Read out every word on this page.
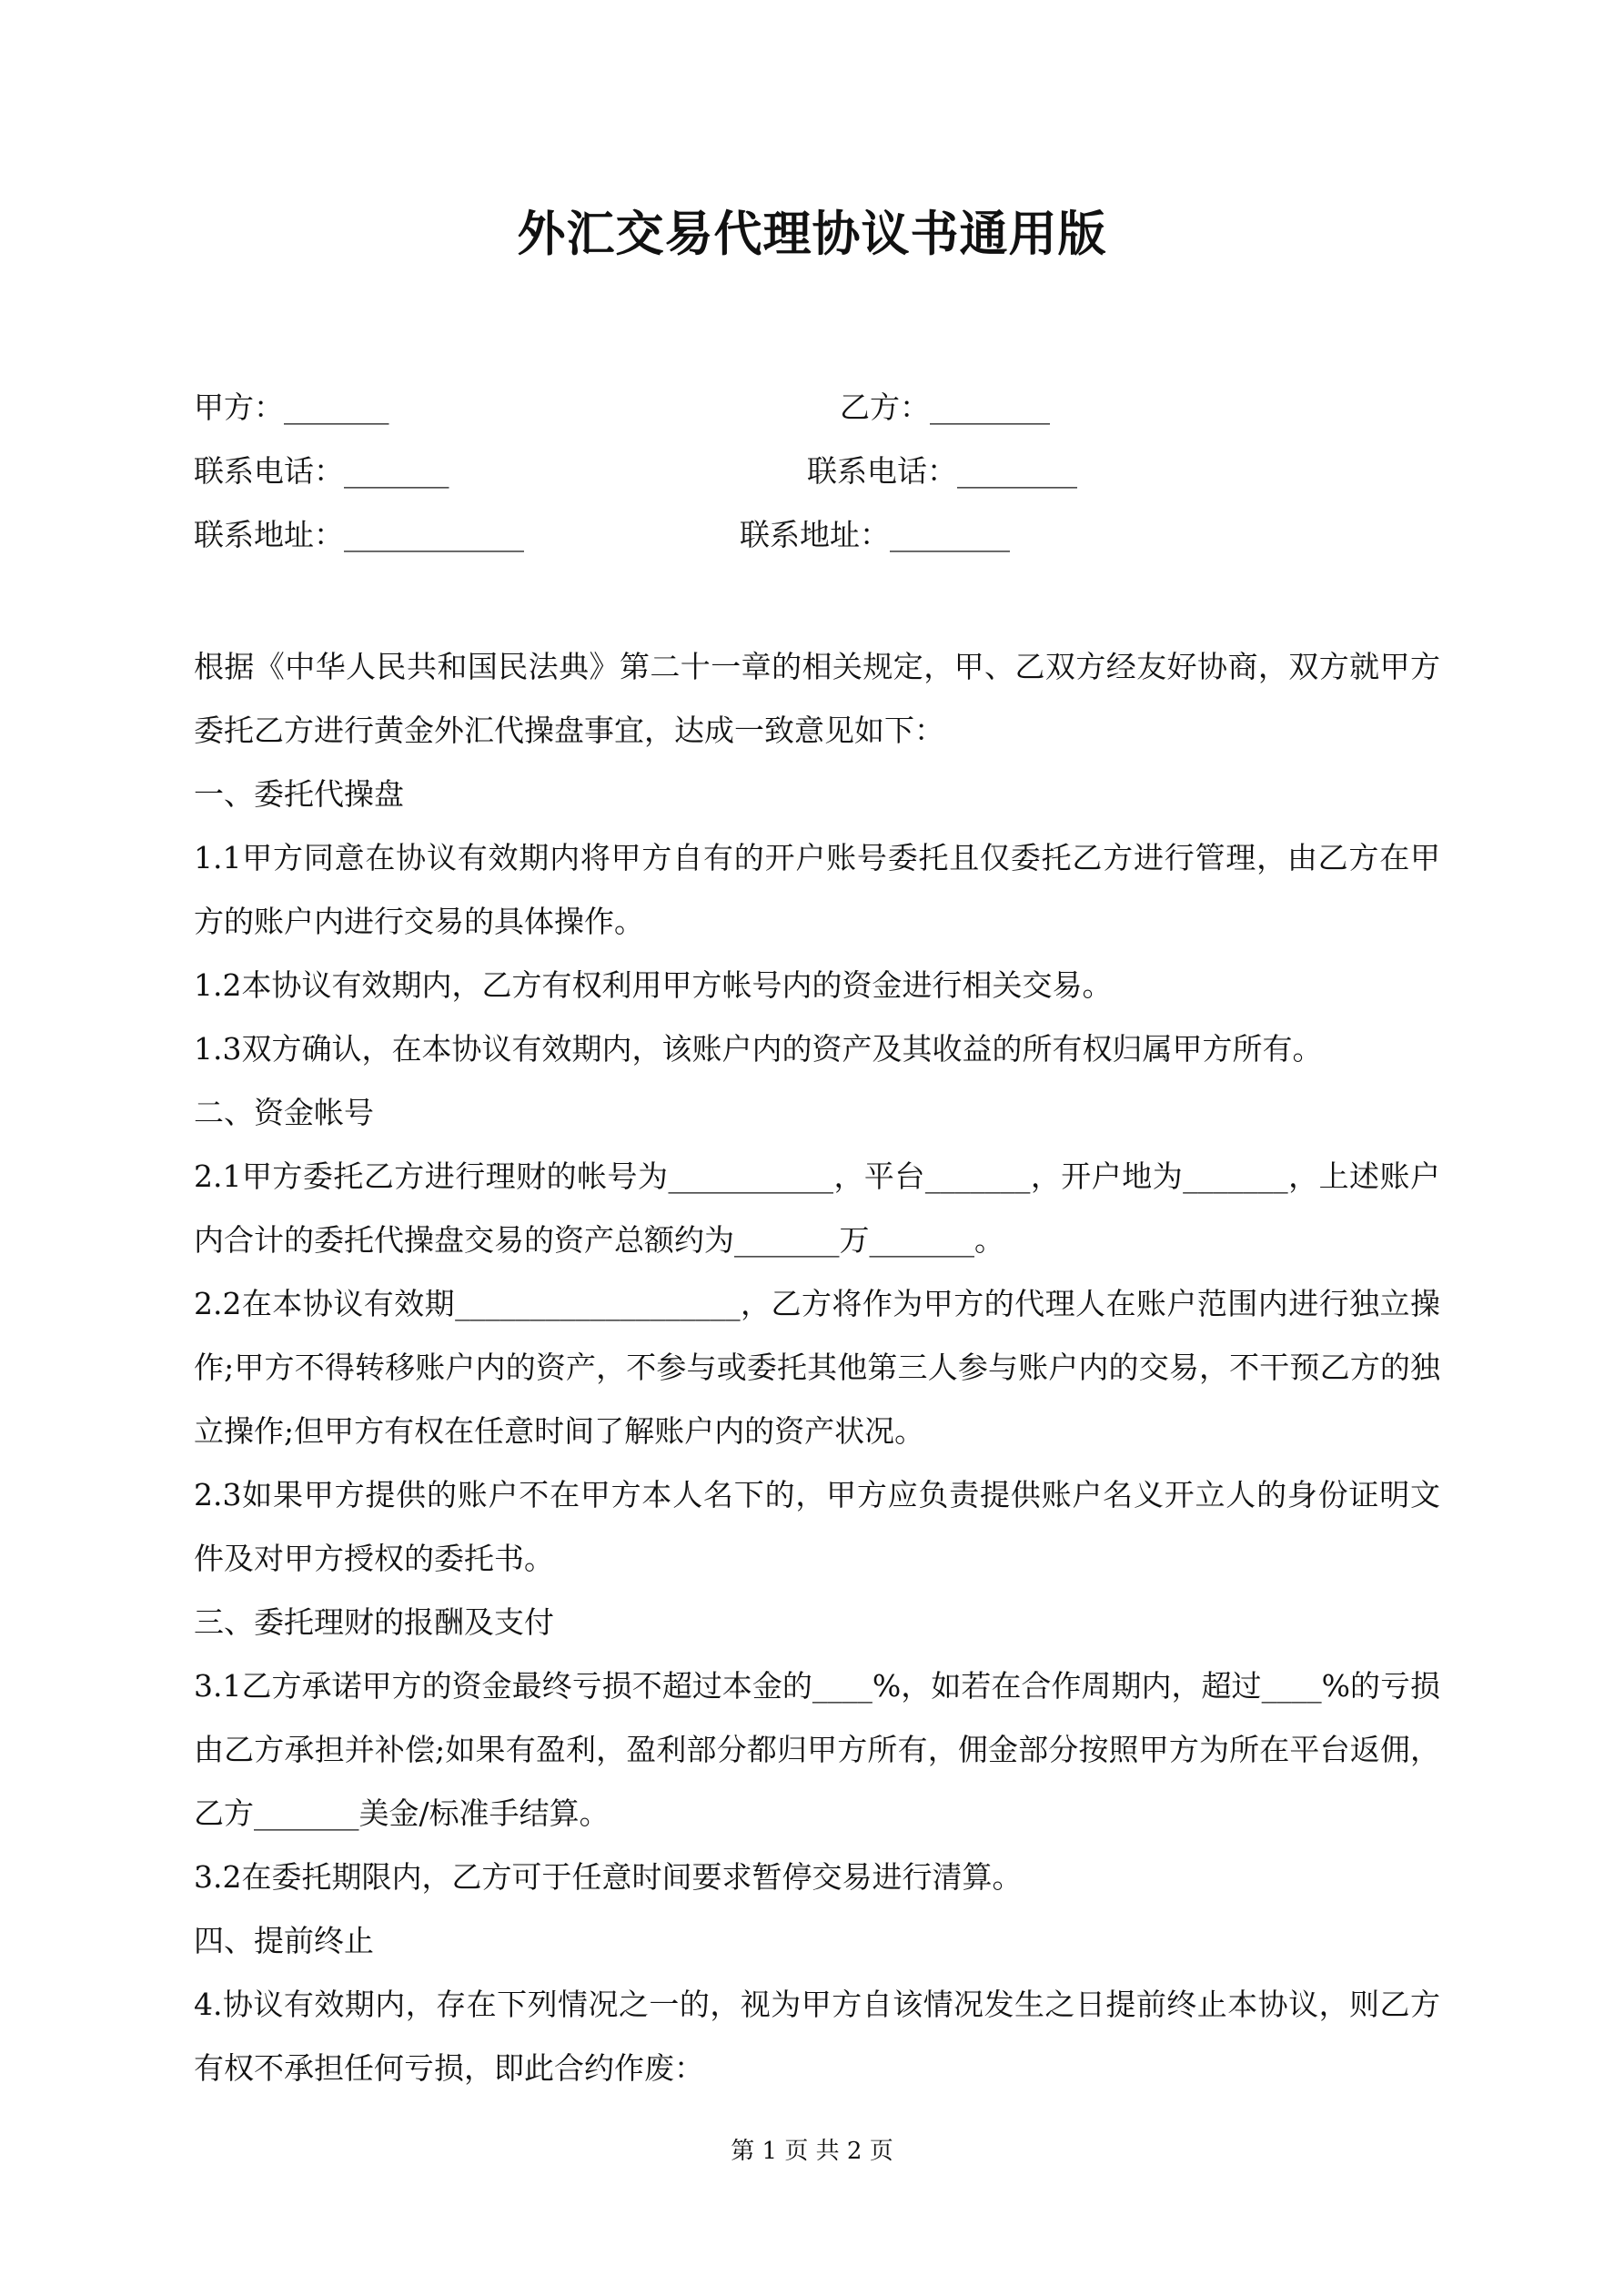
外汇交易代理协议书通用版
甲方：_______	乙方：________
联系电话：_______	联系电话：________
联系地址：____________	联系地址：________

根据《中华人民共和国民法典》第二十一章的相关规定，甲、乙双方经友好协商，双方就甲方委托乙方进行黄金外汇代操盘事宜，达成一致意见如下：

一、委托代操盘

1.1甲方同意在协议有效期内将甲方自有的开户账号委托且仅委托乙方进行管理，由乙方在甲方的账户内进行交易的具体操作。

1.2本协议有效期内，乙方有权利用甲方帐号内的资金进行相关交易。

1.3双方确认，在本协议有效期内，该账户内的资产及其收益的所有权归属甲方所有。

二、资金帐号

2.1甲方委托乙方进行理财的帐号为___________，平台_______，开户地为_______，上述账户内合计的委托代操盘交易的资产总额约为_______万_______。

2.2在本协议有效期___________________，乙方将作为甲方的代理人在账户范围内进行独立操作;甲方不得转移账户内的资产，不参与或委托其他第三人参与账户内的交易，不干预乙方的独立操作;但甲方有权在任意时间了解账户内的资产状况。

2.3如果甲方提供的账户不在甲方本人名下的，甲方应负责提供账户名义开立人的身份证明文件及对甲方授权的委托书。

三、委托理财的报酬及支付

3.1乙方承诺甲方的资金最终亏损不超过本金的____%，如若在合作周期内，超过____%的亏损由乙方承担并补偿;如果有盈利，盈利部分都归甲方所有，佣金部分按照甲方为所在平台返佣，乙方_______美金/标准手结算。

3.2在委托期限内，乙方可于任意时间要求暂停交易进行清算。

四、提前终止

4.协议有效期内，存在下列情况之一的，视为甲方自该情况发生之日提前终止本协议，则乙方有权不承担任何亏损，即此合约作废：

第 1 页 共 2 页
